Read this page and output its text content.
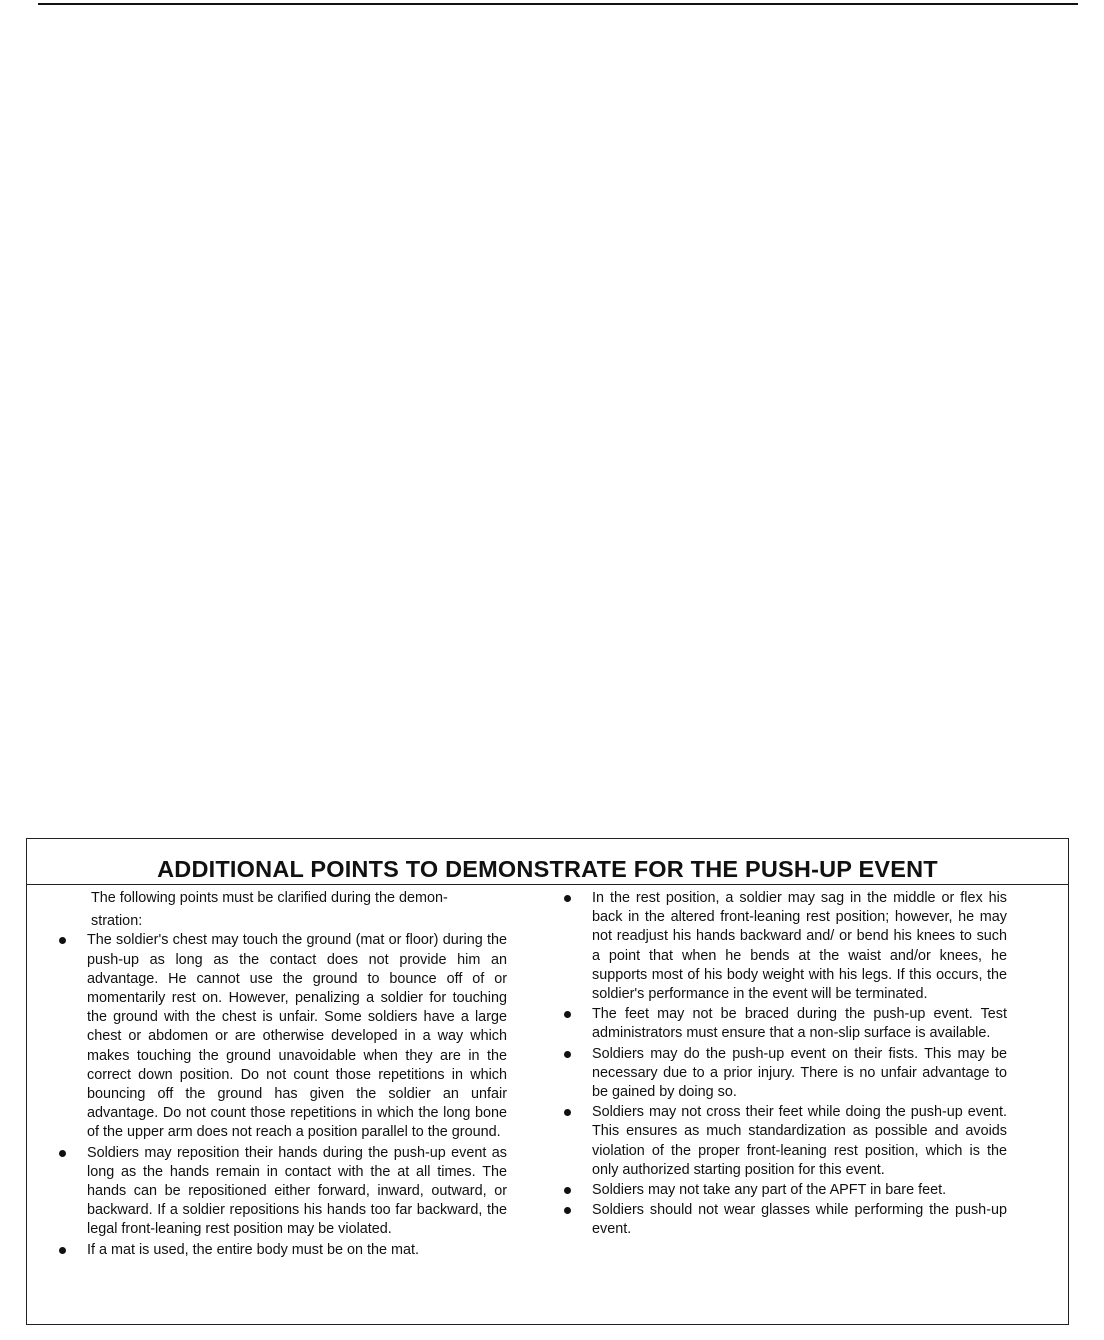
ADDITIONAL POINTS TO DEMONSTRATE FOR THE PUSH-UP EVENT

The following points must be clarified during the demon-

stration:

The soldier's chest may touch the ground (mat or floor) during the push-up as long as the contact does not provide him an advantage. He cannot use the ground to bounce off of or momentarily rest on. However, penalizing a soldier for touching the ground with the chest is unfair. Some soldiers have a large chest or abdomen or are otherwise developed in a way which makes touching the ground unavoidable when they are in the correct down position. Do not count those repetitions in which bouncing off the ground has given the soldier an unfair advantage. Do not count those repetitions in which the long bone of the upper arm does not reach a position parallel to the ground.
Soldiers may reposition their hands during the push-up event as long as the hands remain in contact with the at all times. The hands can be repositioned either forward, inward, outward, or backward. If a soldier repositions his hands too far backward, the legal front-leaning rest position may be violated.
If a mat is used, the entire body must be on the mat.
In the rest position, a soldier may sag in the middle or flex his back in the altered front-leaning rest position; however, he may not readjust his hands backward and/ or bend his knees to such a point that when he bends at the waist and/or knees, he supports most of his body weight with his legs. If this occurs, the soldier's performance in the event will be terminated.
The feet may not be braced during the push-up event. Test administrators must ensure that a non-slip surface is available.
Soldiers may do the push-up event on their fists. This may be necessary due to a prior injury. There is no unfair advantage to be gained by doing so.
Soldiers may not cross their feet while doing the push-up event. This ensures as much standardization as possible and avoids violation of the proper front-leaning rest position, which is the only authorized starting position for this event.
Soldiers may not take any part of the APFT in bare feet.
Soldiers should not wear glasses while performing the push-up event.
